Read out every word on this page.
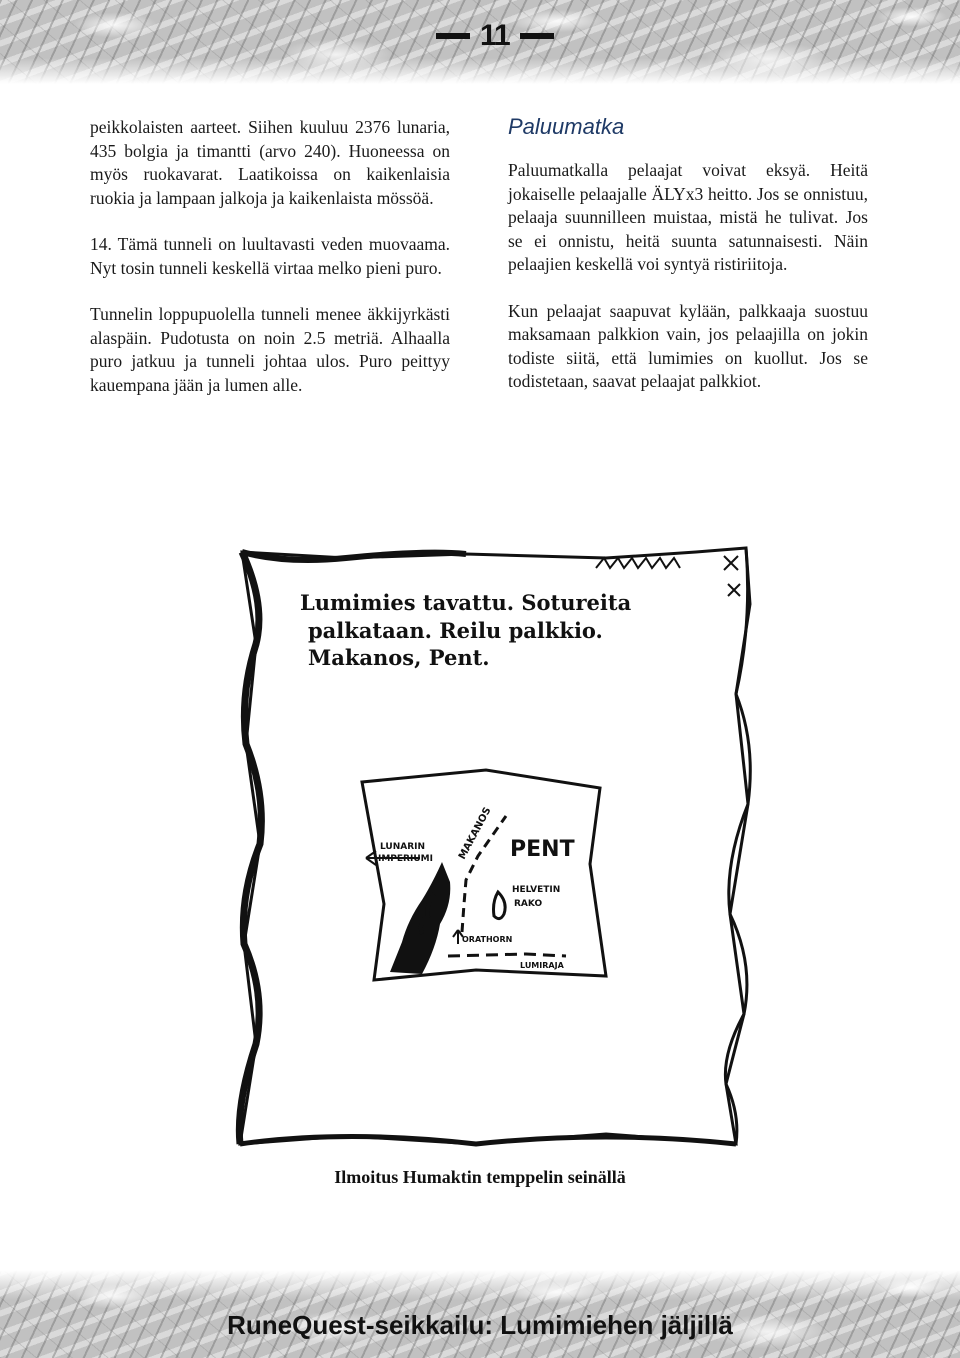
11

peikkolaisten aarteet. Siihen kuuluu 2376 lunaria, 435 bolgia ja timantti (arvo 240). Huoneessa on myös ruokavarat. Laatikoissa on kaikenlaisia ruokia ja lampaan jalkoja ja kaikenlaista mössöä.

14. Tämä tunneli on luultavasti veden muovaama. Nyt tosin tunneli keskellä virtaa melko pieni puro.

Tunnelin loppupuolella tunneli menee äkkijyrkästi alaspäin. Pudotusta on noin 2.5 metriä. Alhaalla puro jatkuu ja tunneli johtaa ulos. Puro peittyy kauempana jään ja lumen alle.

Paluumatka

Paluumatkalla pelaajat voivat eksyä. Heitä jokaiselle pelaajalle ÄLYx3 heitto. Jos se onnistuu, pelaaja suunnilleen muistaa, mistä he tulivat. Jos se ei onnistu, heitä suunta satunnaisesti. Näin pelaajien keskellä voi syntyä ristiriitoja.

Kun pelaajat saapuvat kylään, palkkaaja suostuu maksamaan palkkion vain, jos pelaajilla on jokin todiste siitä, että lumimies on kuollut. Jos se todistetaan, saavat pelaajat palkkiot.

Lumimies tavattu. Sotureita
palkataan. Reilu palkkio.
Makanos, Pent.
LUNARIN
IMPERIUMI MAKANOS PENT
HELVETIN
RAKO
ORATHORN
LUMIRAJA

Ilmoitus Humaktin temppelin seinällä

RuneQuest-seikkailu: Lumimiehen jäljillä
